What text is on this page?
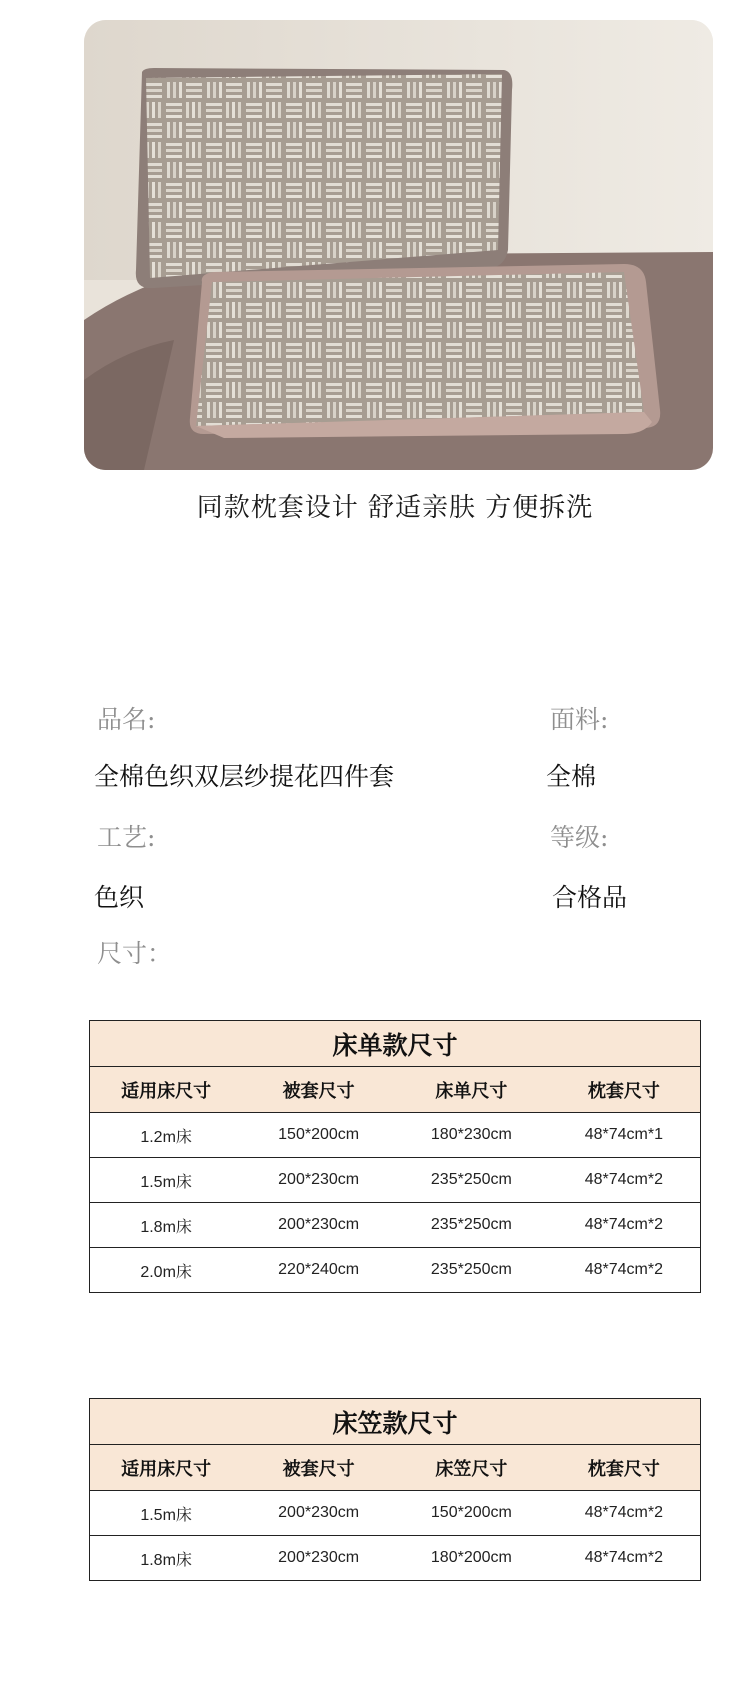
同款枕套设计 舒适亲肤 方便拆洗
品名:	面料:
全棉色织双层纱提花四件套	全棉
工艺:	等级:
色织	合格品
尺寸：
床单款尺寸			
适用床尺寸	被套尺寸	床单尺寸	枕套尺寸
1.2m床	150*200cm	180*230cm	48*74cm*1
1.5m床	200*230cm	235*250cm	48*74cm*2
1.8m床	200*230cm	235*250cm	48*74cm*2
2.0m床	220*240cm	235*250cm	48*74cm*2
床笠款尺寸			
适用床尺寸	被套尺寸	床笠尺寸	枕套尺寸
1.5m床	200*230cm	150*200cm	48*74cm*2
1.8m床	200*230cm	180*200cm	48*74cm*2
